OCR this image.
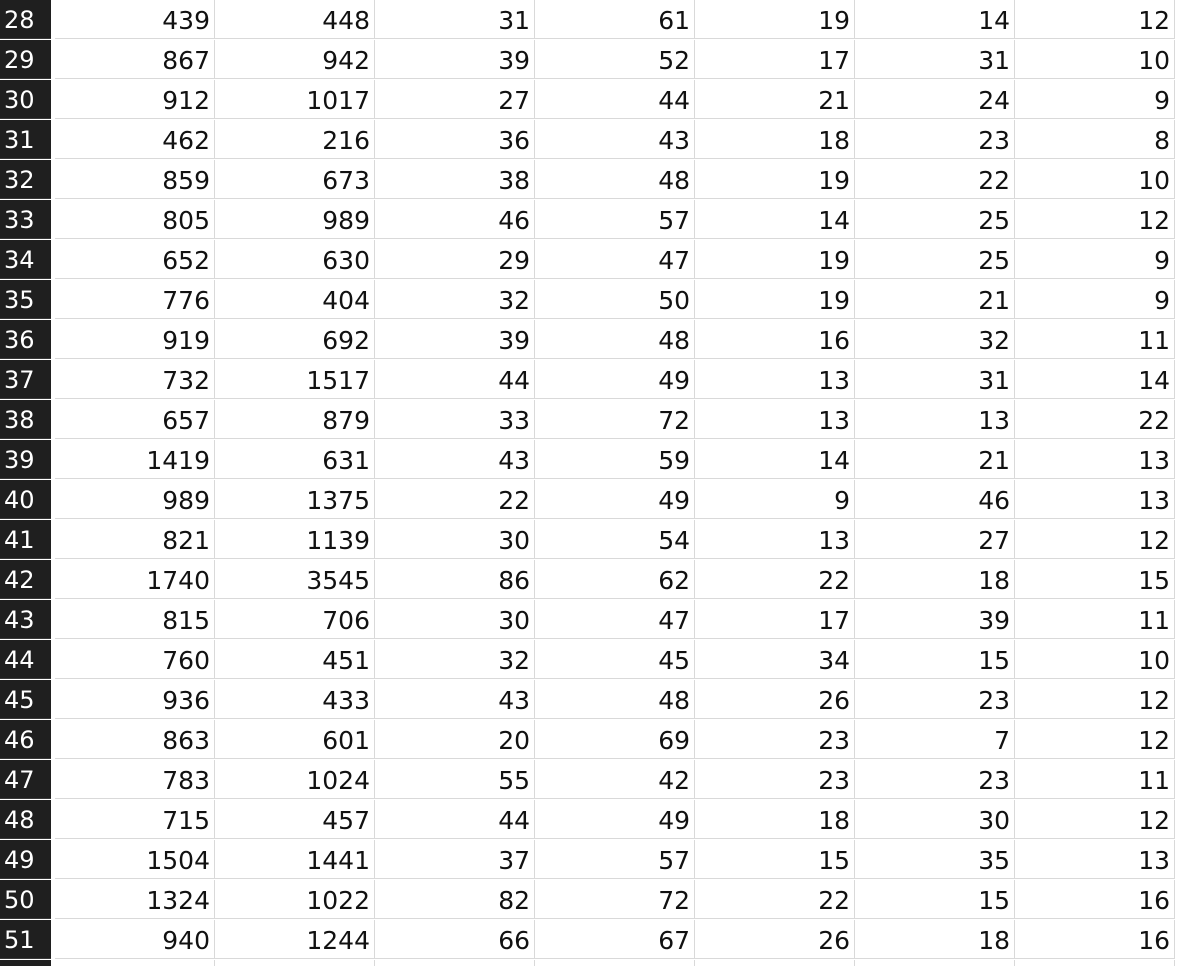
28	439	448	31	61	19	14	12
29	867	942	39	52	17	31	10
30	912	1017	27	44	21	24	9
31	462	216	36	43	18	23	8
32	859	673	38	48	19	22	10
33	805	989	46	57	14	25	12
34	652	630	29	47	19	25	9
35	776	404	32	50	19	21	9
36	919	692	39	48	16	32	11
37	732	1517	44	49	13	31	14
38	657	879	33	72	13	13	22
39	1419	631	43	59	14	21	13
40	989	1375	22	49	9	46	13
41	821	1139	30	54	13	27	12
42	1740	3545	86	62	22	18	15
43	815	706	30	47	17	39	11
44	760	451	32	45	34	15	10
45	936	433	43	48	26	23	12
46	863	601	20	69	23	7	12
47	783	1024	55	42	23	23	11
48	715	457	44	49	18	30	12
49	1504	1441	37	57	15	35	13
50	1324	1022	82	72	22	15	16
51	940	1244	66	67	26	18	16
